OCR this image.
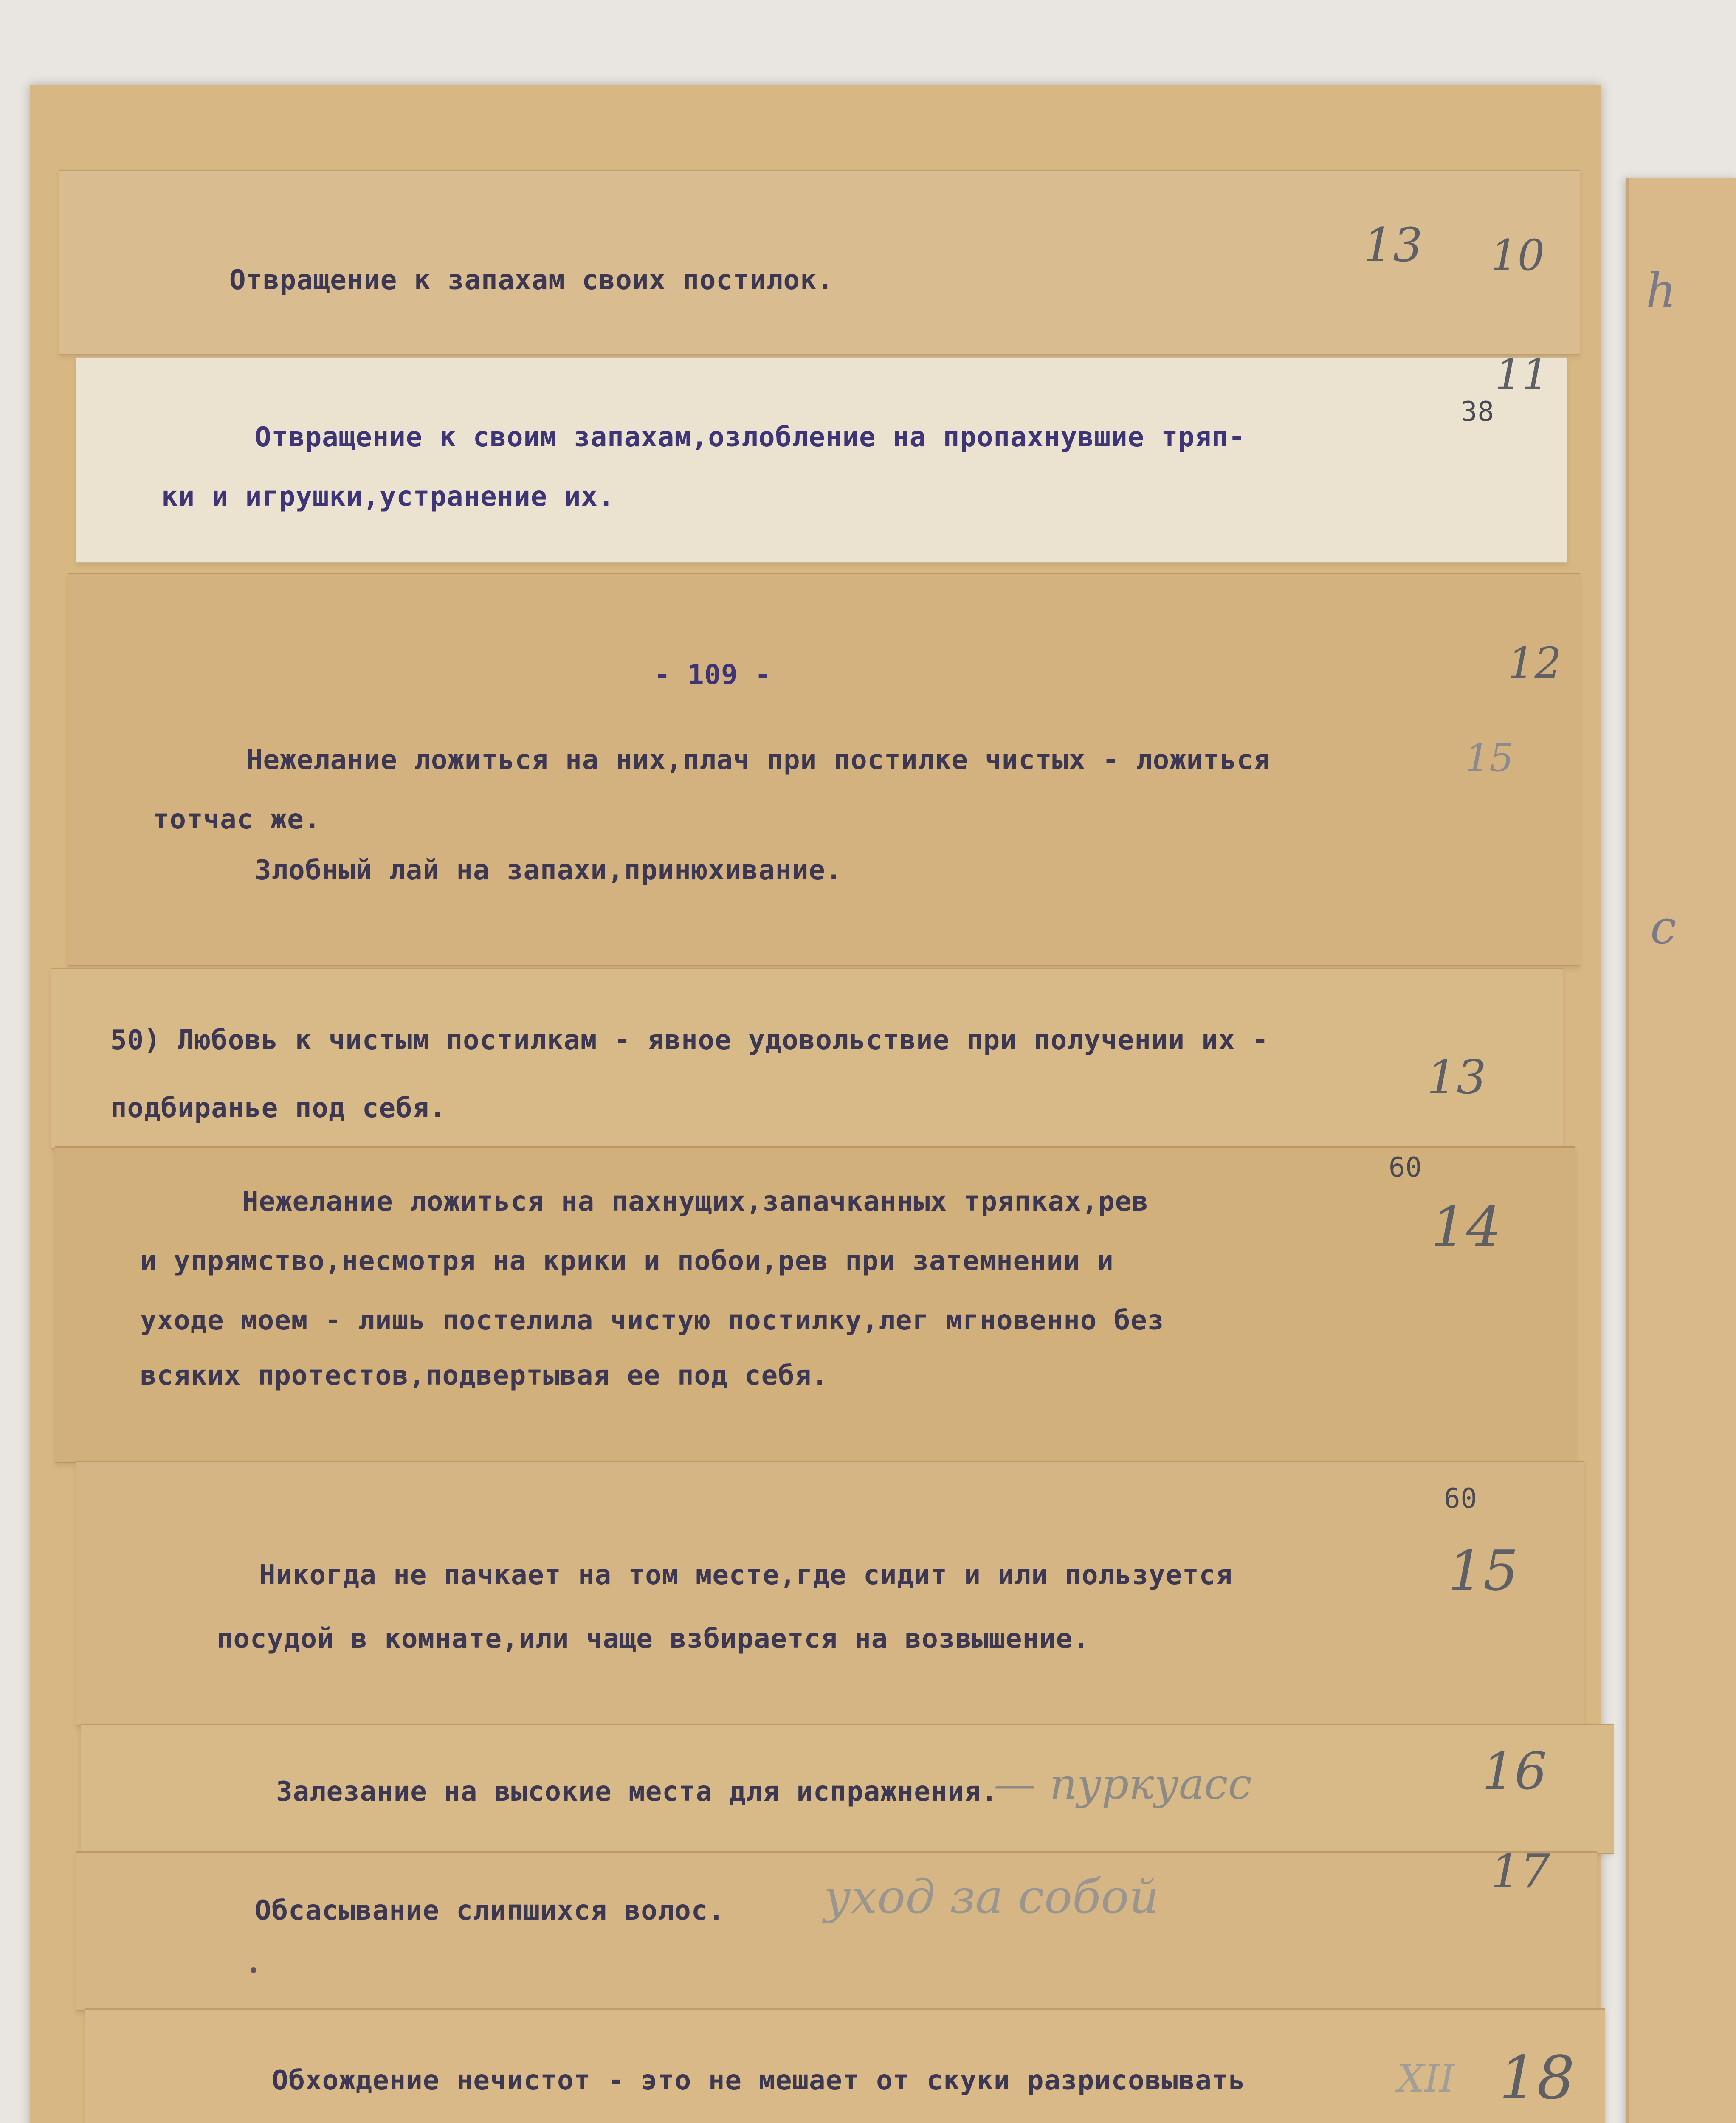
h
c
Отвращение к запахам своих постилок.
13 10
Отвращение к своим запахам,озлобление на пропахнувшие тряп-
ки и игрушки,устранение их.
11
38
- 109 -
Нежелание ложиться на них,плач при постилке чистых - ложиться
тотчас же.
Злобный лай на запахи,принюхивание.
12
15
50) Любовь к чистым постилкам - явное удовольствие при получении их -
подбиранье под себя.
13
Нежелание ложиться на пахнущих,запачканных тряпках,рев
и упрямство,несмотря на крики и побои,рев при затемнении и
уходе моем - лишь постелила чистую постилку,лег мгновенно без
всяких протестов,подвертывая ее под себя.
60
14
60
Никогда не пачкает на том месте,где сидит и или пользуется
посудой в комнате,или чаще взбирается на возвышение.
15
Залезание на высокие места для испражнения.
— пуркуасс	16
Обсасывание слипшихся волос. уход за собой	17
Обхождение нечистот - это не мешает от скуки разрисовывать	XII 18
